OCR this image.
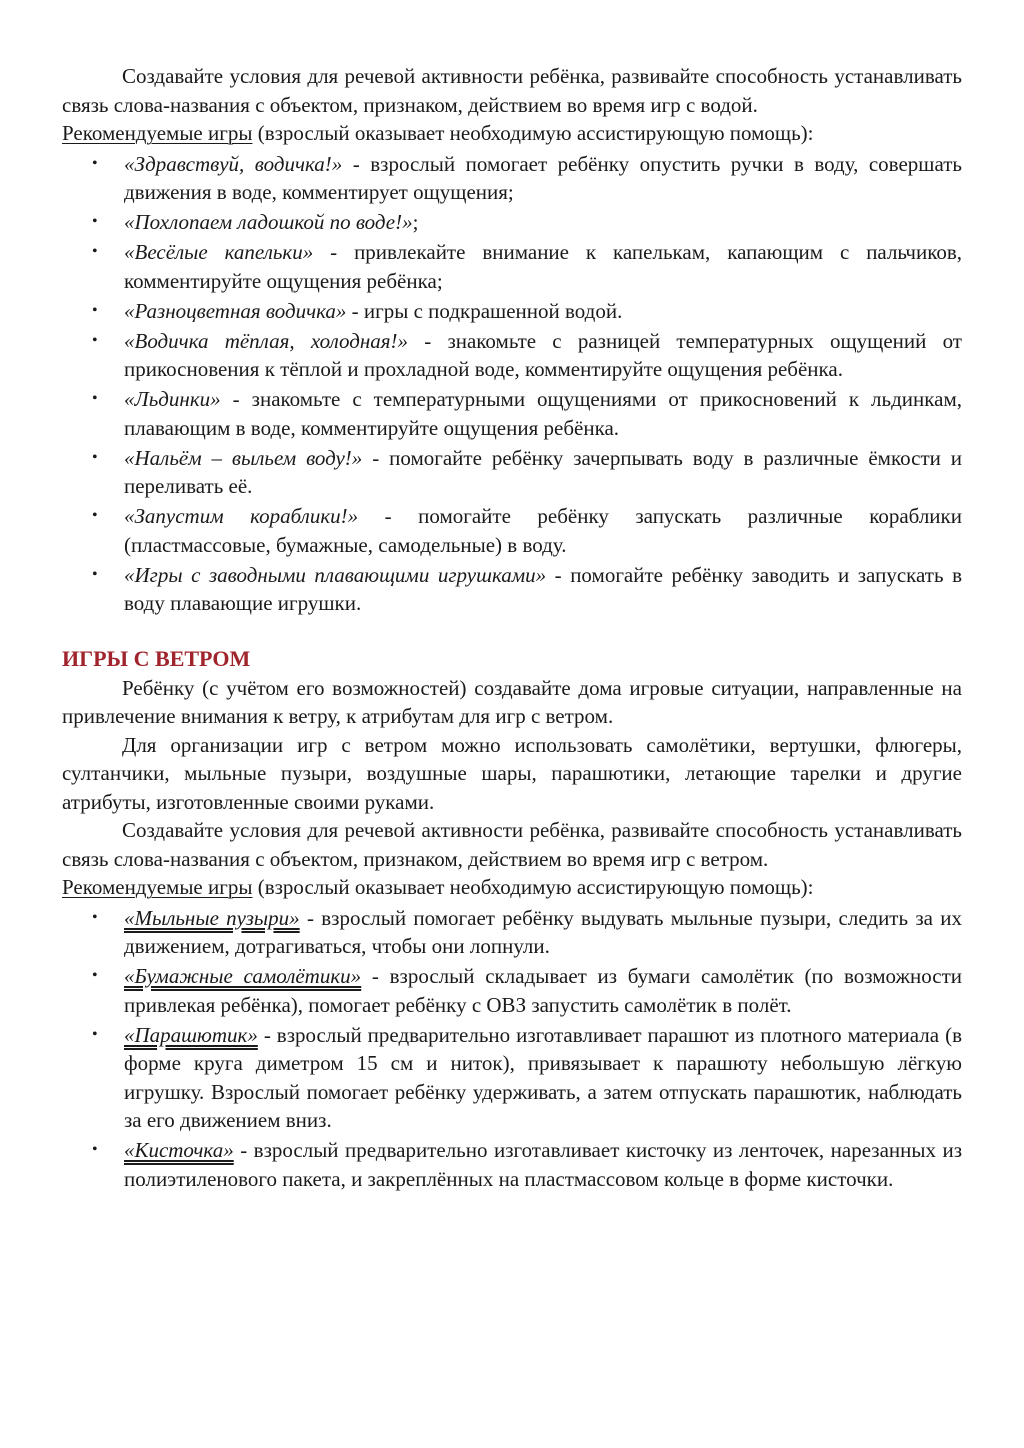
Создавайте условия для речевой активности ребёнка, развивайте способность устанавливать связь слова-названия с объектом, признаком, действием во время игр с водой.

Рекомендуемые игры (взрослый оказывает необходимую ассистирующую помощь):

• «Здравствуй, водичка!» - взрослый помогает ребёнку опустить ручки в воду, совершать движения в воде, комментирует ощущения;
• «Похлопаем ладошкой по воде!»;
• «Весёлые капельки» - привлекайте внимание к капелькам, капающим с пальчиков, комментируйте ощущения ребёнка;
• «Разноцветная водичка» - игры с подкрашенной водой.
• «Водичка тёплая, холодная!» - знакомьте с разницей температурных ощущений от прикосновения к тёплой и прохладной воде, комментируйте ощущения ребёнка.
• «Льдинки» - знакомьте с температурными ощущениями от прикосновений к льдинкам, плавающим в воде, комментируйте ощущения ребёнка.
• «Нальём – выльем воду!» - помогайте ребёнку зачерпывать воду в различные ёмкости и переливать её.
• «Запустим кораблики!» - помогайте ребёнку запускать различные кораблики (пластмассовые, бумажные, самодельные) в воду.
• «Игры с заводными плавающими игрушками» - помогайте ребёнку заводить и запускать в воду плавающие игрушки.
ИГРЫ С ВЕТРОМ

Ребёнку (с учётом его возможностей) создавайте дома игровые ситуации, направленные на привлечение внимания к ветру, к атрибутам для игр с ветром.

Для организации игр с ветром можно использовать самолётики, вертушки, флюгеры, султанчики, мыльные пузыри, воздушные шары, парашютики, летающие тарелки и другие атрибуты, изготовленные своими руками.

Создавайте условия для речевой активности ребёнка, развивайте способность устанавливать связь слова-названия с объектом, признаком, действием во время игр с ветром.

Рекомендуемые игры (взрослый оказывает необходимую ассистирующую помощь):

• «Мыльные пузыри» - взрослый помогает ребёнку выдувать мыльные пузыри, следить за их движением, дотрагиваться, чтобы они лопнули.
• «Бумажные самолётики» - взрослый складывает из бумаги самолётик (по возможности привлекая ребёнка), помогает ребёнку с ОВЗ запустить самолётик в полёт.
• «Парашютик» - взрослый предварительно изготавливает парашют из плотного материала (в форме круга диметром 15 см и ниток), привязывает к парашюту небольшую лёгкую игрушку. Взрослый помогает ребёнку удерживать, а затем отпускать парашютик, наблюдать за его движением вниз.
• «Кисточка» - взрослый предварительно изготавливает кисточку из ленточек, нарезанных из полиэтиленового пакета, и закреплённых на пластмассовом кольце в форме кисточки.
